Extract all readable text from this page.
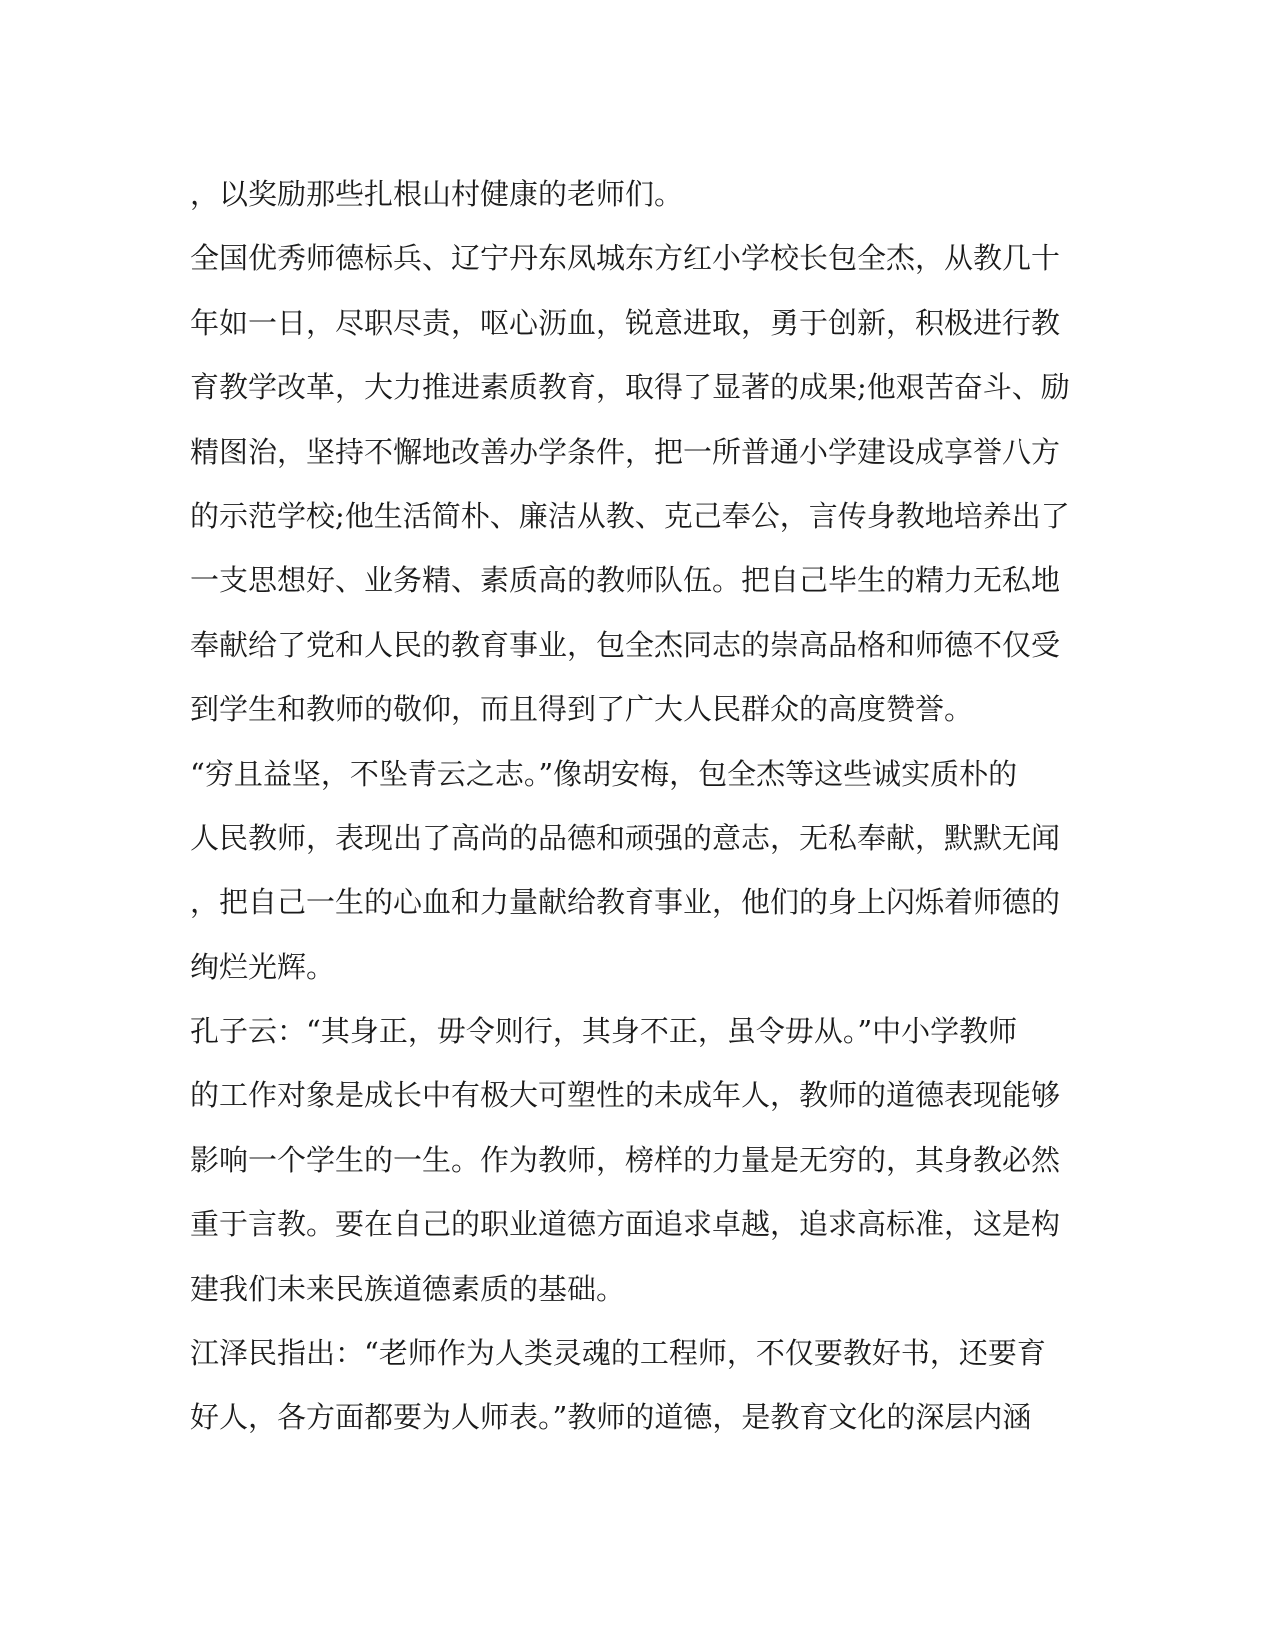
，以奖励那些扎根山村健康的老师们。
全国优秀师德标兵、辽宁丹东凤城东方红小学校长包全杰，从教几十
年如一日，尽职尽责，呕心沥血，锐意进取，勇于创新，积极进行教
育教学改革，大力推进素质教育，取得了显著的成果;他艰苦奋斗、励
精图治，坚持不懈地改善办学条件，把一所普通小学建设成享誉八方
的示范学校;他生活简朴、廉洁从教、克己奉公，言传身教地培养出了
一支思想好、业务精、素质高的教师队伍。把自己毕生的精力无私地
奉献给了党和人民的教育事业，包全杰同志的崇高品格和师德不仅受
到学生和教师的敬仰，而且得到了广大人民群众的高度赞誉。
“穷且益坚，不坠青云之志。”像胡安梅，包全杰等这些诚实质朴的
人民教师，表现出了高尚的品德和顽强的意志，无私奉献，默默无闻
，把自己一生的心血和力量献给教育事业，他们的身上闪烁着师德的
绚烂光辉。
孔子云：“其身正，毋令则行，其身不正，虽令毋从。”中小学教师
的工作对象是成长中有极大可塑性的未成年人，教师的道德表现能够
影响一个学生的一生。作为教师，榜样的力量是无穷的，其身教必然
重于言教。要在自己的职业道德方面追求卓越，追求高标准，这是构
建我们未来民族道德素质的基础。
江泽民指出：“老师作为人类灵魂的工程师，不仅要教好书，还要育
好人，各方面都要为人师表。”教师的道德，是教育文化的深层内涵
